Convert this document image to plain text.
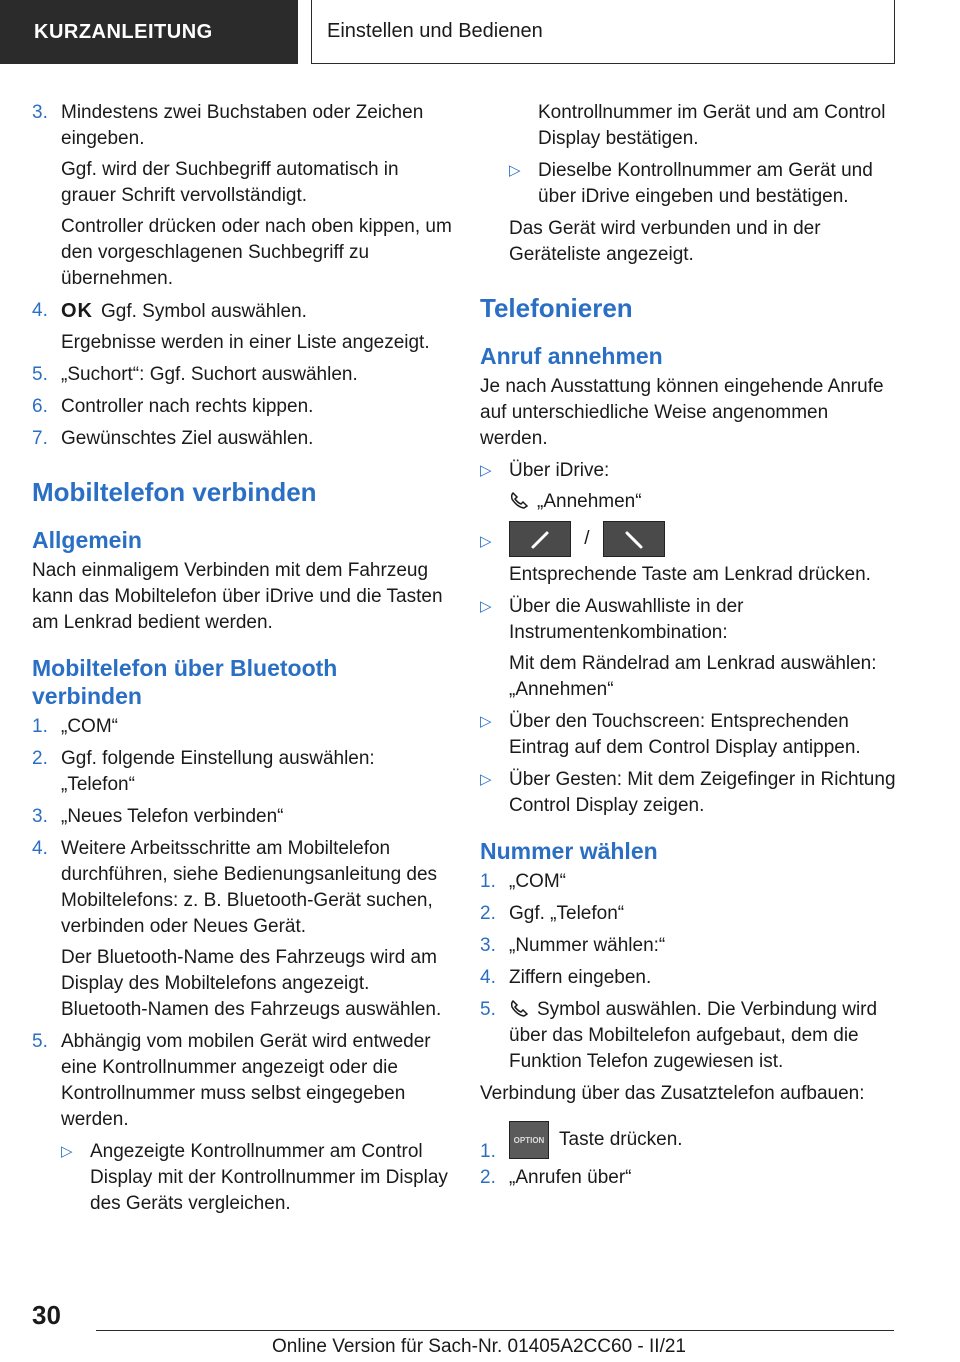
KURZANLEITUNG	Einstellen und Bedienen
3. Mindestens zwei Buchstaben oder Zeichen eingeben.
Ggf. wird der Suchbegriff automatisch in grauer Schrift vervollständigt.
Controller drücken oder nach oben kippen, um den vorgeschlagenen Suchbegriff zu übernehmen.
4. OK Ggf. Symbol auswählen.
Ergebnisse werden in einer Liste angezeigt.
5. „Suchort“: Ggf. Suchort auswählen.
6. Controller nach rechts kippen.
7. Gewünschtes Ziel auswählen.
Mobiltelefon verbinden
Allgemein
Nach einmaligem Verbinden mit dem Fahrzeug kann das Mobiltelefon über iDrive und die Tasten am Lenkrad bedient werden.
Mobiltelefon über Bluetooth verbinden
1. „COM“
2. Ggf. folgende Einstellung auswählen: „Telefon“
3. „Neues Telefon verbinden“
4. Weitere Arbeitsschritte am Mobiltelefon durchführen, siehe Bedienungsanleitung des Mobiltelefons: z. B. Bluetooth-Gerät suchen, verbinden oder Neues Gerät.
Der Bluetooth-Name des Fahrzeugs wird am Display des Mobiltelefons angezeigt. Bluetooth-Namen des Fahrzeugs auswählen.
5. Abhängig vom mobilen Gerät wird entweder eine Kontrollnummer angezeigt oder die Kontrollnummer muss selbst eingegeben werden.
▷ Angezeigte Kontrollnummer am Control Display mit der Kontrollnummer im Display des Geräts vergleichen.
Kontrollnummer im Gerät und am Control Display bestätigen.
▷ Dieselbe Kontrollnummer am Gerät und über iDrive eingeben und bestätigen.
Das Gerät wird verbunden und in der Geräteliste angezeigt.
Telefonieren
Anruf annehmen
Je nach Ausstattung können eingehende Anrufe auf unterschiedliche Weise angenommen werden.
▷ Über iDrive:
„Annehmen“
▷	/
Entsprechende Taste am Lenkrad drücken.
▷ Über die Auswahlliste in der Instrumentenkombination:
Mit dem Rändelrad am Lenkrad auswählen: „Annehmen“
▷ Über den Touchscreen: Entsprechenden Eintrag auf dem Control Display antippen.
▷ Über Gesten: Mit dem Zeigefinger in Richtung Control Display zeigen.
Nummer wählen
1. „COM“
2. Ggf. „Telefon“
3. „Nummer wählen:“
4. Ziffern eingeben.
5.	Symbol auswählen. Die Verbindung wird über das Mobiltelefon aufgebaut, dem die Funktion Telefon zugewiesen ist.
Verbindung über das Zusatztelefon aufbauen:
1.
OPTION Taste drücken.
2. „Anrufen über“
30
Online Version für Sach-Nr. 01405A2CC60 - II/21
